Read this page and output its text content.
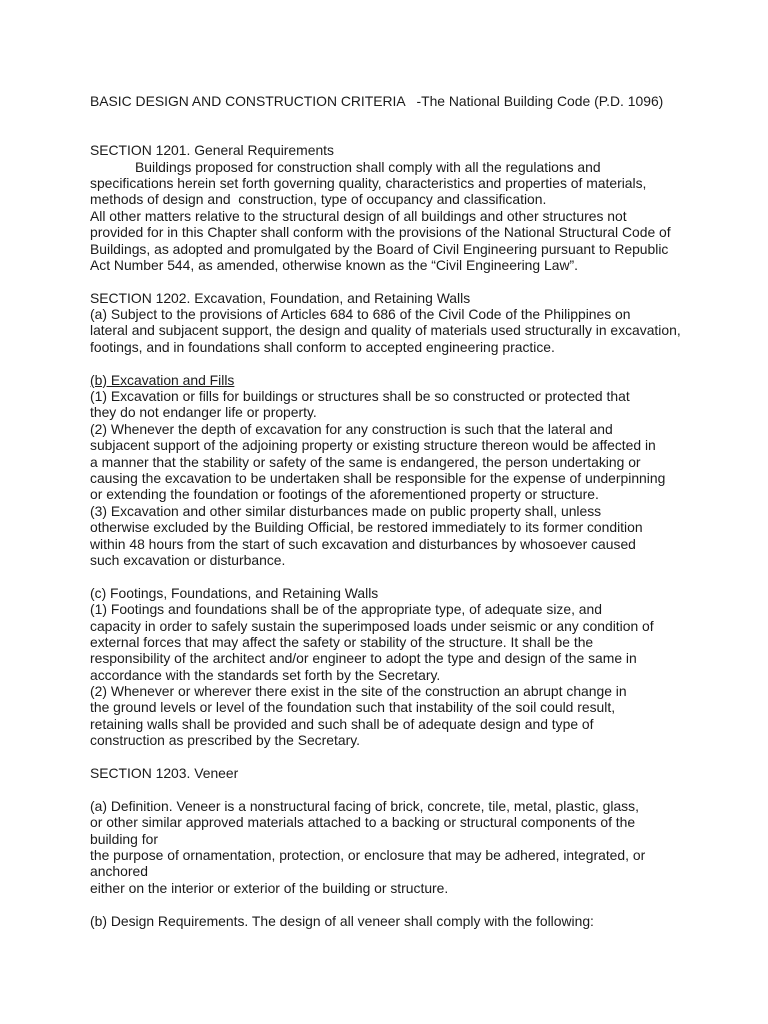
BASIC DESIGN AND CONSTRUCTION CRITERIA   -The National Building Code (P.D. 1096)
SECTION 1201. General Requirements
Buildings proposed for construction shall comply with all the regulations and
specifications herein set forth governing quality, characteristics and properties of materials,
methods of design and  construction, type of occupancy and classification.
All other matters relative to the structural design of all buildings and other structures not
provided for in this Chapter shall conform with the provisions of the National Structural Code of
Buildings, as adopted and promulgated by the Board of Civil Engineering pursuant to Republic
Act Number 544, as amended, otherwise known as the “Civil Engineering Law”.
SECTION 1202. Excavation, Foundation, and Retaining Walls
(a) Subject to the provisions of Articles 684 to 686 of the Civil Code of the Philippines on
lateral and subjacent support, the design and quality of materials used structurally in excavation,
footings, and in foundations shall conform to accepted engineering practice.
(b) Excavation and Fills
(1) Excavation or fills for buildings or structures shall be so constructed or protected that
they do not endanger life or property.
(2) Whenever the depth of excavation for any construction is such that the lateral and
subjacent support of the adjoining property or existing structure thereon would be affected in
a manner that the stability or safety of the same is endangered, the person undertaking or
causing the excavation to be undertaken shall be responsible for the expense of underpinning
or extending the foundation or footings of the aforementioned property or structure.
(3) Excavation and other similar disturbances made on public property shall, unless
otherwise excluded by the Building Official, be restored immediately to its former condition
within 48 hours from the start of such excavation and disturbances by whosoever caused
such excavation or disturbance.
(c) Footings, Foundations, and Retaining Walls
(1) Footings and foundations shall be of the appropriate type, of adequate size, and
capacity in order to safely sustain the superimposed loads under seismic or any condition of
external forces that may affect the safety or stability of the structure. It shall be the
responsibility of the architect and/or engineer to adopt the type and design of the same in
accordance with the standards set forth by the Secretary.
(2) Whenever or wherever there exist in the site of the construction an abrupt change in
the ground levels or level of the foundation such that instability of the soil could result,
retaining walls shall be provided and such shall be of adequate design and type of
construction as prescribed by the Secretary.
SECTION 1203. Veneer
(a) Definition. Veneer is a nonstructural facing of brick, concrete, tile, metal, plastic, glass,
or other similar approved materials attached to a backing or structural components of the
building for
the purpose of ornamentation, protection, or enclosure that may be adhered, integrated, or
anchored
either on the interior or exterior of the building or structure.
(b) Design Requirements. The design of all veneer shall comply with the following:
